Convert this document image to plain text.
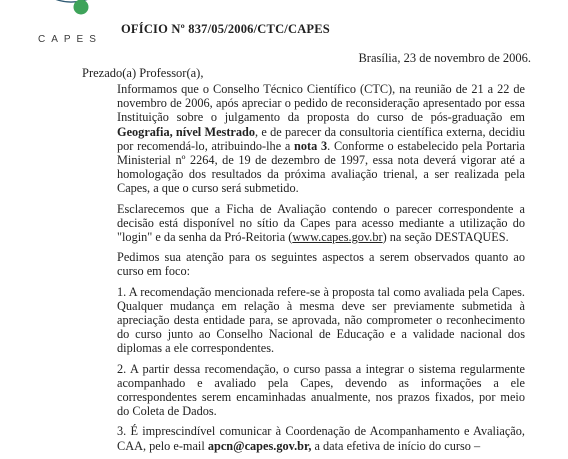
CAPES
OFÍCIO Nº 837/05/2006/CTC/CAPES
Brasília, 23 de novembro de 2006.
Prezado(a) Professor(a),

Informamos que o Conselho Técnico Científico (CTC), na reunião de 21 a 22 de novembro de 2006, após apreciar o pedido de reconsideração apresentado por essa Instituição sobre o julgamento da proposta do curso de pós-graduação em Geografia, nível Mestrado, e de parecer da consultoria científica externa, decidiu por recomendá-lo, atribuindo-lhe a nota 3. Conforme o estabelecido pela Portaria Ministerial nº 2264, de 19 de dezembro de 1997, essa nota deverá vigorar até a homologação dos resultados da próxima avaliação trienal, a ser realizada pela Capes, a que o curso será submetido.

Esclarecemos que a Ficha de Avaliação contendo o parecer correspondente a decisão está disponível no sítio da Capes para acesso mediante a utilização do "login" e da senha da Pró-Reitoria (www.capes.gov.br) na seção DESTAQUES.

Pedimos sua atenção para os seguintes aspectos a serem observados quanto ao curso em foco:

1. A recomendação mencionada refere-se à proposta tal como avaliada pela Capes. Qualquer mudança em relação à mesma deve ser previamente submetida à apreciação desta entidade para, se aprovada, não comprometer o reconhecimento do curso junto ao Conselho Nacional de Educação e a validade nacional dos diplomas a ele correspondentes.

2. A partir dessa recomendação, o curso passa a integrar o sistema regularmente acompanhado e avaliado pela Capes, devendo as informações a ele correspondentes serem encaminhadas anualmente, nos prazos fixados, por meio do Coleta de Dados.

3. É imprescindível comunicar à Coordenação de Acompanhamento e Avaliação, CAA, pelo e-mail apcn@capes.gov.br, a data efetiva de início do curso –
